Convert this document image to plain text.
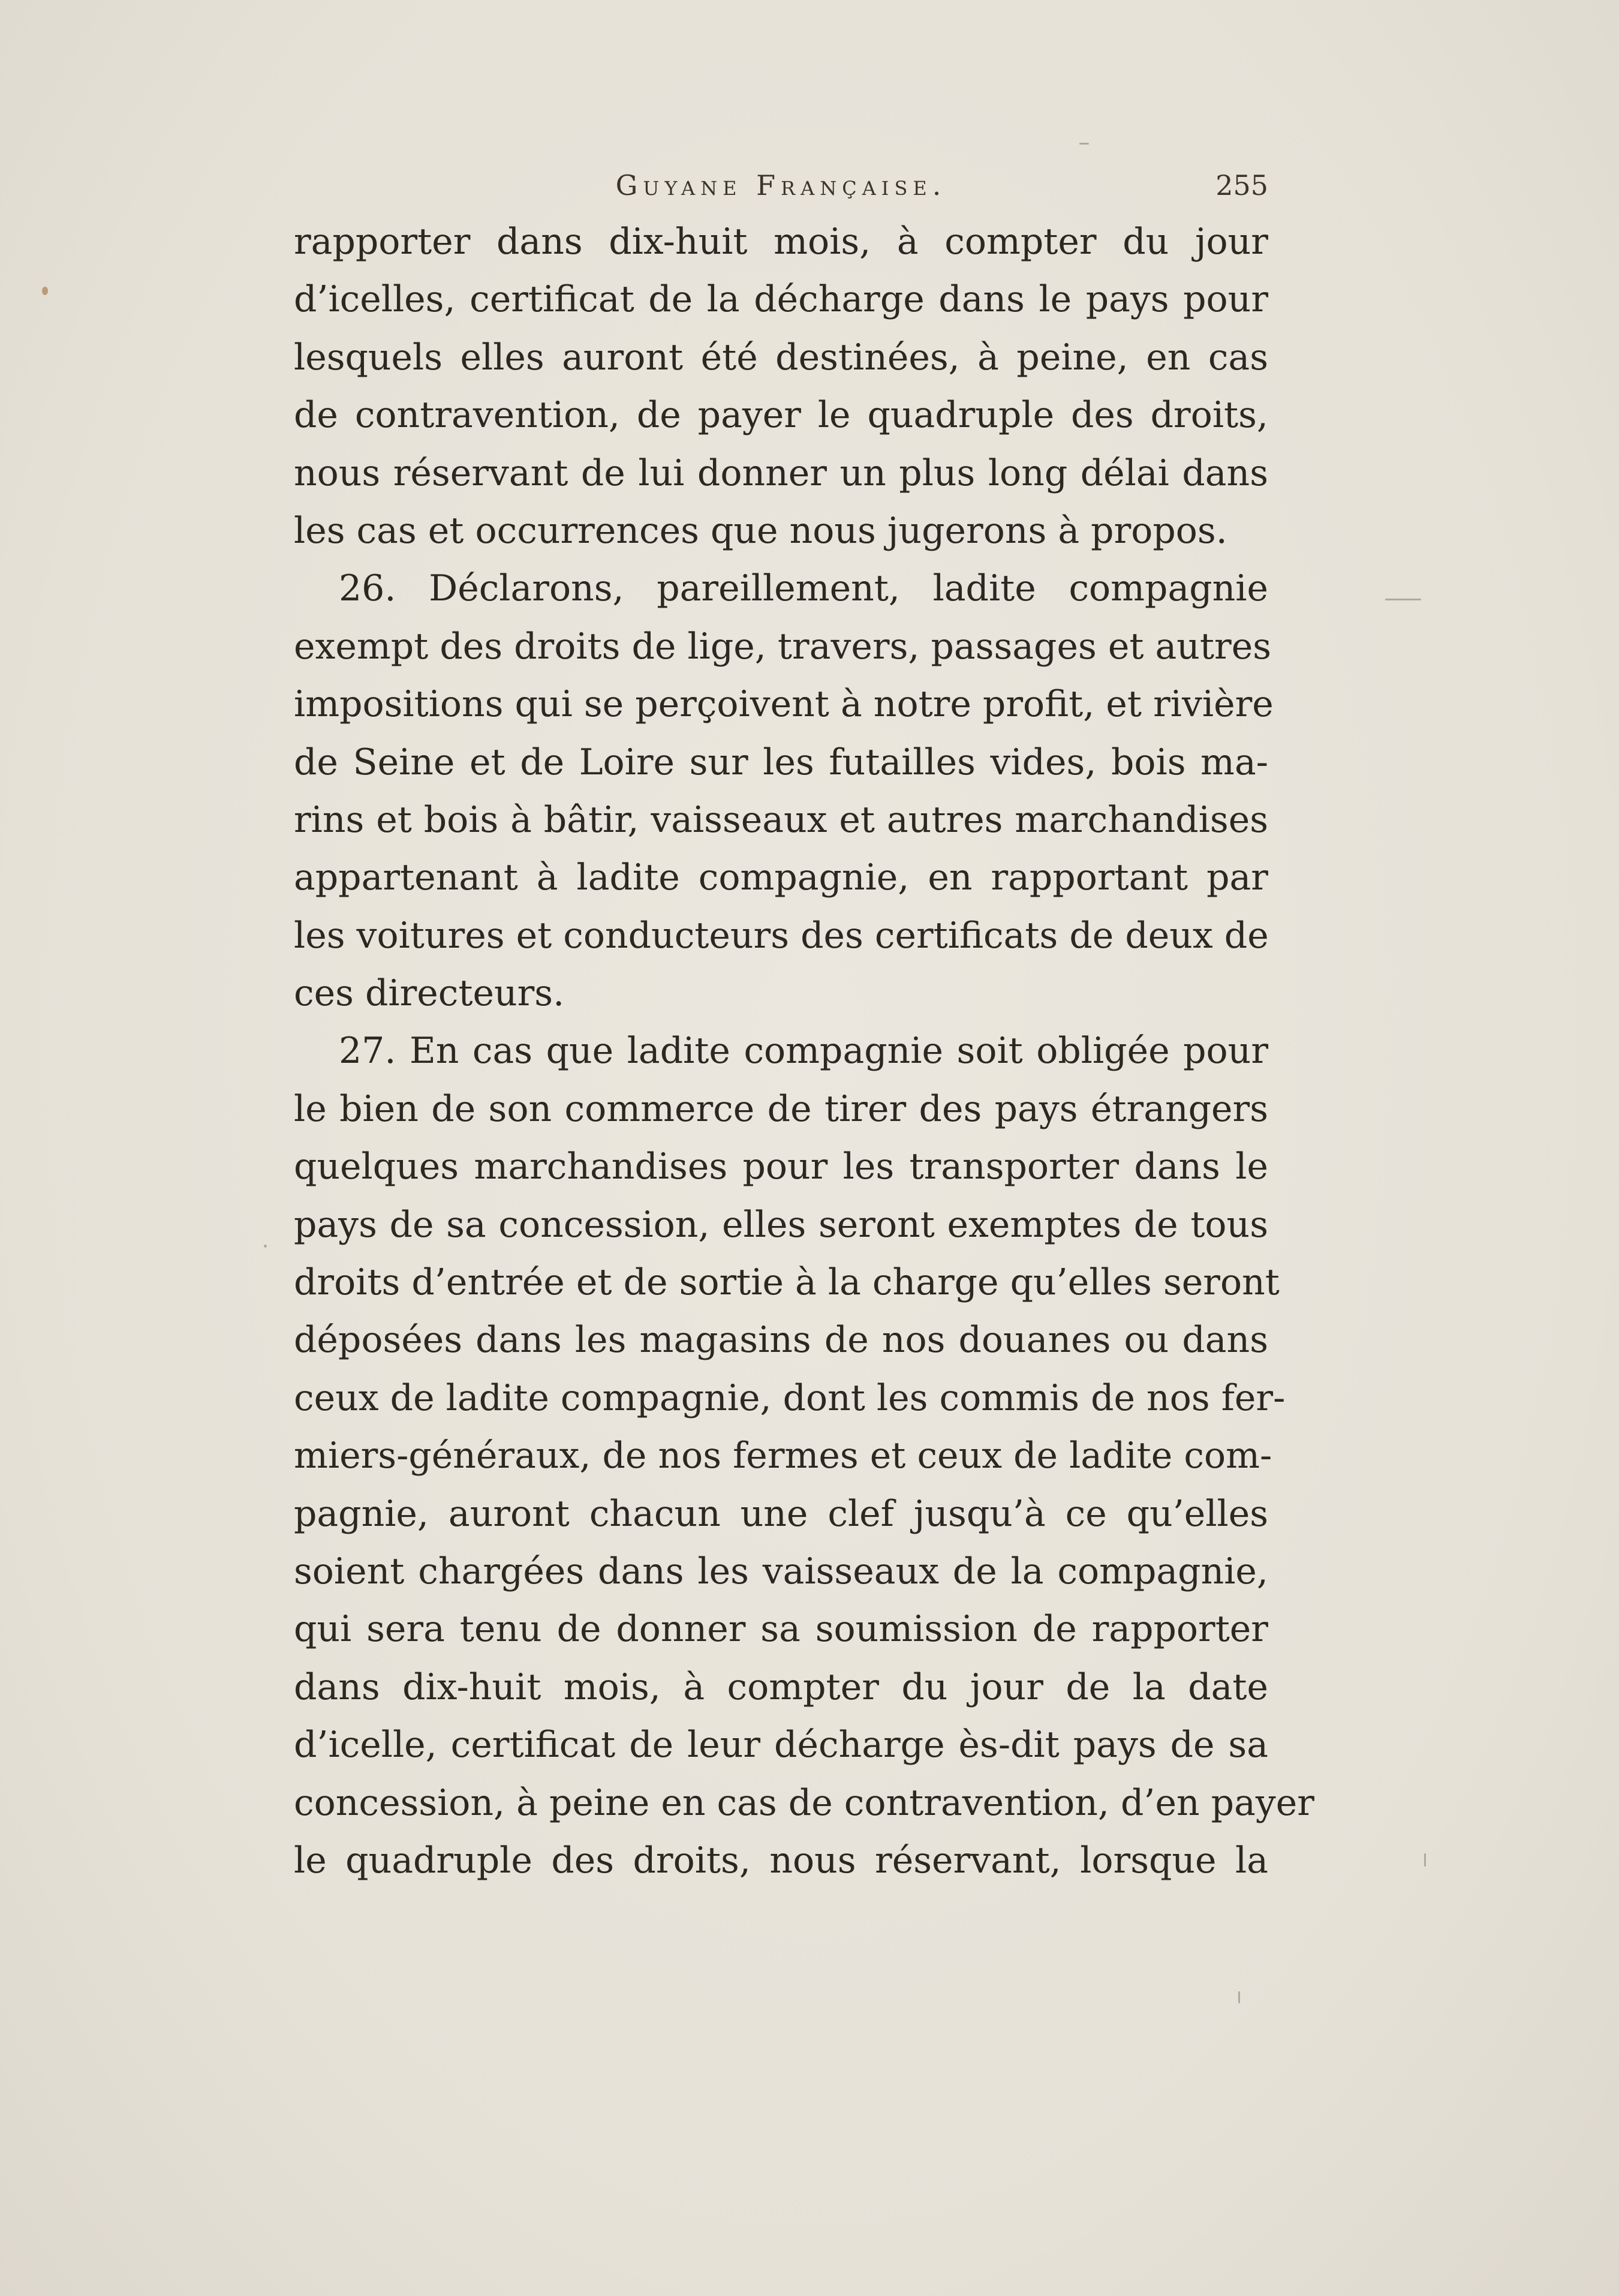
Guyane Française.	255
rapporter dans dix-huit mois, à compter du jour
d’icelles, certificat de la décharge dans le pays pour
lesquels elles auront été destinées, à peine, en cas
de contravention, de payer le quadruple des droits,
nous réservant de lui donner un plus long délai dans
les cas et occurrences que nous jugerons à propos.
26. Déclarons, pareillement, ladite compagnie
exempt des droits de lige, travers, passages et autres
impositions qui se perçoivent à notre profit, et rivière
de Seine et de Loire sur les futailles vides, bois ma-
rins et bois à bâtir, vaisseaux et autres marchandises
appartenant à ladite compagnie, en rapportant par
les voitures et conducteurs des certificats de deux de
ces directeurs.
27. En cas que ladite compagnie soit obligée pour
le bien de son commerce de tirer des pays étrangers
quelques marchandises pour les transporter dans le
pays de sa concession, elles seront exemptes de tous
droits d’entrée et de sortie à la charge qu’elles seront
déposées dans les magasins de nos douanes ou dans
ceux de ladite compagnie, dont les commis de nos fer-
miers-généraux, de nos fermes et ceux de ladite com-
pagnie, auront chacun une clef jusqu’à ce qu’elles
soient chargées dans les vaisseaux de la compagnie,
qui sera tenu de donner sa soumission de rapporter
dans dix-huit mois, à compter du jour de la date
d’icelle, certificat de leur décharge ès-dit pays de sa
concession, à peine en cas de contravention, d’en payer
le quadruple des droits, nous réservant, lorsque la
